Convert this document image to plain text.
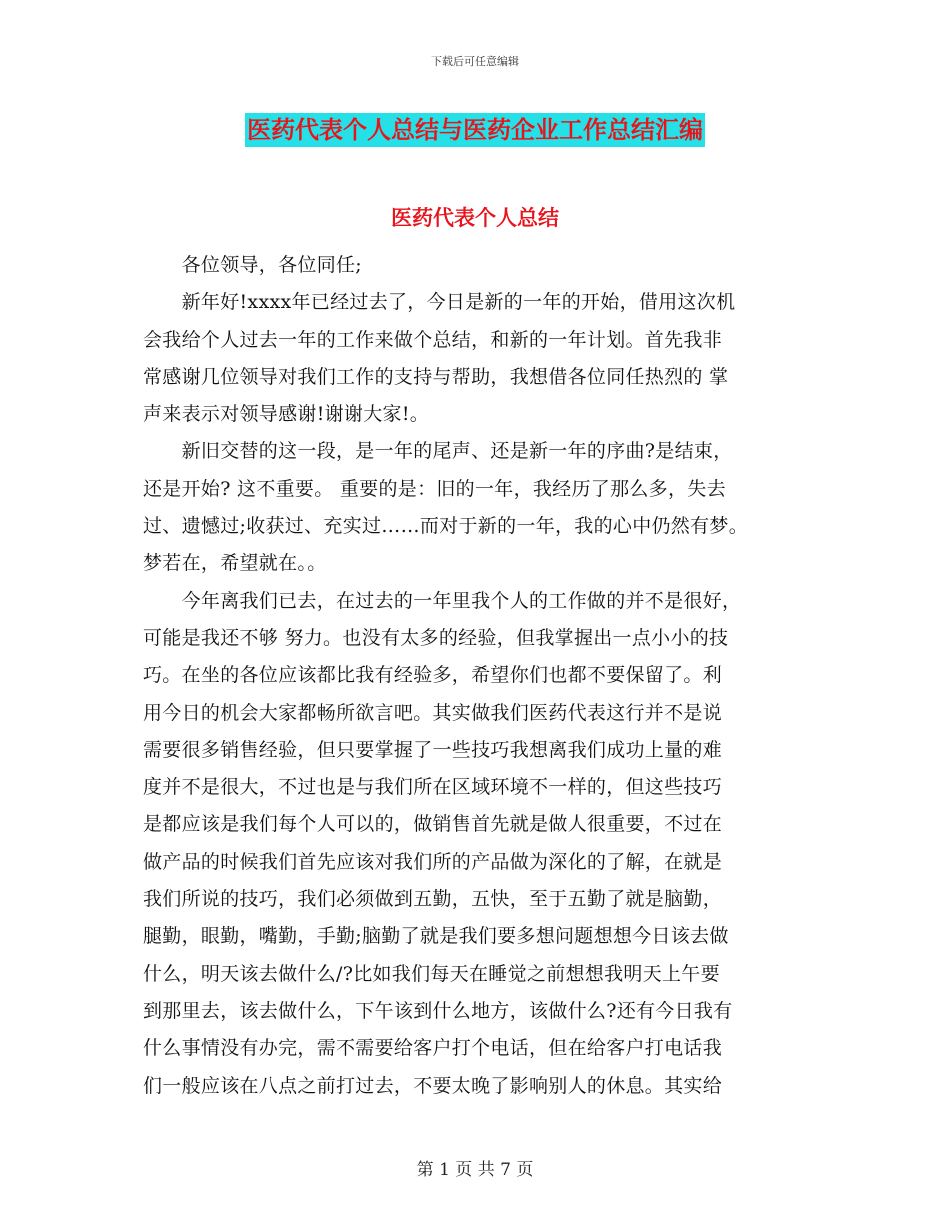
下载后可任意编辑
医药代表个人总结与医药企业工作总结汇编
医药代表个人总结
　　各位领导，各位同任;
　　新年好!xxxx年已经过去了，今日是新的一年的开始，借用这次机
会我给个人过去一年的工作来做个总结，和新的一年计划。首先我非
常感谢几位领导对我们工作的支持与帮助，我想借各位同任热烈的 掌
声来表示对领导感谢!谢谢大家!。
　　新旧交替的这一段，是一年的尾声、还是新一年的序曲?是结束，
还是开始? 这不重要。 重要的是：旧的一年，我经历了那么多，失去
过、遗憾过;收获过、充实过……而对于新的一年，我的心中仍然有梦。
梦若在，希望就在。。
　　今年离我们已去，在过去的一年里我个人的工作做的并不是很好，
可能是我还不够 努力。也没有太多的经验，但我掌握出一点小小的技
巧。在坐的各位应该都比我有经验多，希望你们也都不要保留了。利
用今日的机会大家都畅所欲言吧。其实做我们医药代表这行并不是说
需要很多销售经验，但只要掌握了一些技巧我想离我们成功上量的难
度并不是很大，不过也是与我们所在区域环境不一样的，但这些技巧
是都应该是我们每个人可以的，做销售首先就是做人很重要，不过在
做产品的时候我们首先应该对我们所的产品做为深化的了解，在就是
我们所说的技巧，我们必须做到五勤，五快，至于五勤了就是脑勤，
腿勤，眼勤，嘴勤，手勤;脑勤了就是我们要多想问题想想今日该去做
什么，明天该去做什么/?比如我们每天在睡觉之前想想我明天上午要
到那里去，该去做什么，下午该到什么地方，该做什么?还有今日我有
什么事情没有办完，需不需要给客户打个电话，但在给客户打电话我
们一般应该在八点之前打过去，不要太晚了影响别人的休息。其实给
第 1 页 共 7 页
